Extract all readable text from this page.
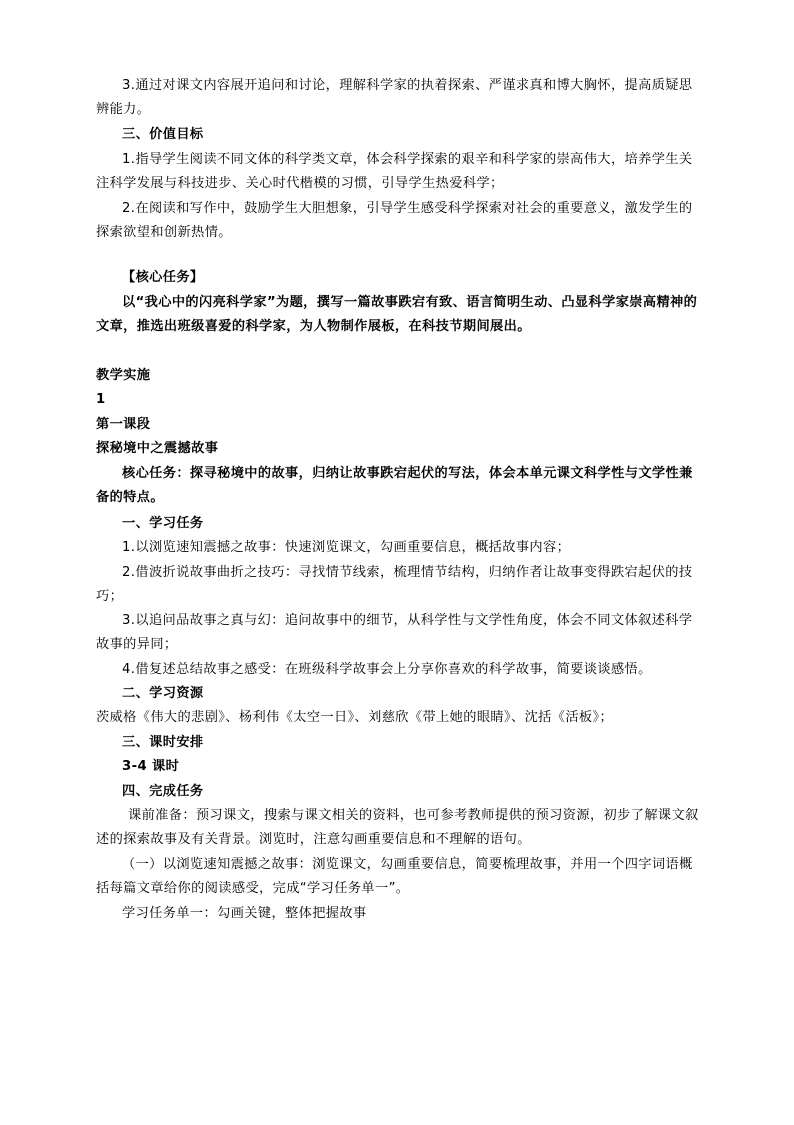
3.通过对课文内容展开追问和讨论，理解科学家的执着探索、严谨求真和博大胸怀，提高质疑思辨能力。

三、价值目标

1.指导学生阅读不同文体的科学类文章，体会科学探索的艰辛和科学家的崇高伟大，培养学生关注科学发展与科技进步、关心时代楷模的习惯，引导学生热爱科学；

2.在阅读和写作中，鼓励学生大胆想象，引导学生感受科学探索对社会的重要意义，激发学生的探索欲望和创新热情。

【核心任务】

以“我心中的闪亮科学家”为题，撰写一篇故事跌宕有致、语言简明生动、凸显科学家崇高精神的文章，推选出班级喜爱的科学家，为人物制作展板，在科技节期间展出。

教学实施

1

第一课段

探秘境中之震撼故事

核心任务：探寻秘境中的故事，归纳让故事跌宕起伏的写法，体会本单元课文科学性与文学性兼备的特点。

一、学习任务

1.以浏览速知震撼之故事：快速浏览课文，勾画重要信息，概括故事内容；

2.借波折说故事曲折之技巧：寻找情节线索，梳理情节结构，归纳作者让故事变得跌宕起伏的技巧；

3.以追问品故事之真与幻：追问故事中的细节，从科学性与文学性角度，体会不同文体叙述科学故事的异同；

4.借复述总结故事之感受：在班级科学故事会上分享你喜欢的科学故事，简要谈谈感悟。

二、学习资源

茨威格《伟大的悲剧》、杨利伟《太空一日》、刘慈欣《带上她的眼睛》、沈括《活板》；

三、课时安排

3-4 课时

四、完成任务

课前准备：预习课文，搜索与课文相关的资料，也可参考教师提供的预习资源，初步了解课文叙述的探索故事及有关背景。浏览时，注意勾画重要信息和不理解的语句。

（一）以浏览速知震撼之故事：浏览课文，勾画重要信息，简要梳理故事，并用一个四字词语概括每篇文章给你的阅读感受，完成“学习任务单一”。

学习任务单一：勾画关键，整体把握故事
